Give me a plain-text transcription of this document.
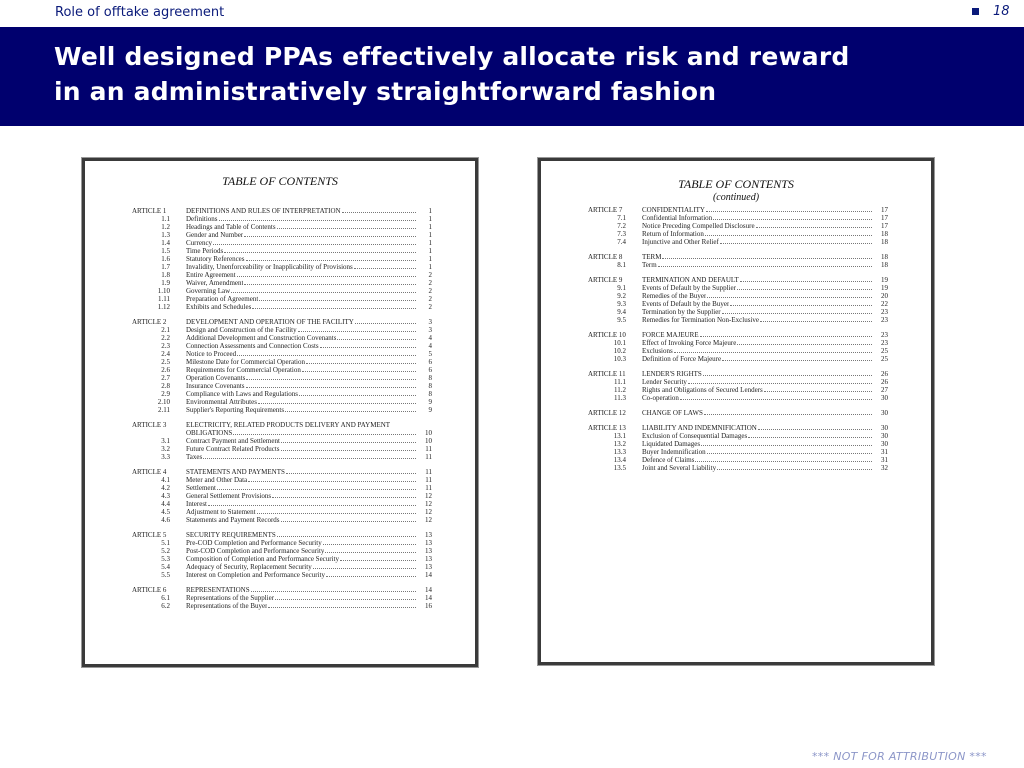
Role of offtake agreement	18
Well designed PPAs effectively allocate risk and reward
in an administratively straightforward fashion
TABLE OF CONTENTS
ARTICLE 1	DEFINITIONS AND RULES OF INTERPRETATION	1
1.1 Definitions	1
1.2 Headings and Table of Contents	1
1.3 Gender and Number	1
1.4 Currency	1
1.5 Time Periods	1
1.6 Statutory References	1
1.7 Invalidity, Unenforceability or Inapplicability of Provisions	1
1.8 Entire Agreement	2
1.9 Waiver, Amendment	2
1.10 Governing Law	2
1.11 Preparation of Agreement	2
1.12 Exhibits and Schedules	2
ARTICLE 2	DEVELOPMENT AND OPERATION OF THE FACILITY	3
2.1 Design and Construction of the Facility	3
2.2 Additional Development and Construction Covenants	4
2.3 Connection Assessments and Connection Costs	4
2.4 Notice to Proceed	5
2.5 Milestone Date for Commercial Operation	6
2.6 Requirements for Commercial Operation	6
2.7 Operation Covenants	8
2.8 Insurance Covenants	8
2.9 Compliance with Laws and Regulations	8
2.10 Environmental Attributes	9
2.11 Supplier's Reporting Requirements	9
ARTICLE 3	ELECTRICITY, RELATED PRODUCTS DELIVERY AND PAYMENT
OBLIGATIONS	10
3.1 Contract Payment and Settlement	10
3.2 Future Contract Related Products	11
3.3 Taxes	11
ARTICLE 4	STATEMENTS AND PAYMENTS	11
4.1 Meter and Other Data	11
4.2 Settlement	11
4.3 General Settlement Provisions	12
4.4 Interest	12
4.5 Adjustment to Statement	12
4.6 Statements and Payment Records	12
ARTICLE 5	SECURITY REQUIREMENTS	13
5.1 Pre-COD Completion and Performance Security	13
5.2 Post-COD Completion and Performance Security	13
5.3 Composition of Completion and Performance Security	13
5.4 Adequacy of Security, Replacement Security	13
5.5 Interest on Completion and Performance Security	14
ARTICLE 6	REPRESENTATIONS	14
6.1 Representations of the Supplier	14
6.2 Representations of the Buyer	16
TABLE OF CONTENTS
(continued)
ARTICLE 7	CONFIDENTIALITY	17
7.1 Confidential Information	17
7.2 Notice Preceding Compelled Disclosure	17
7.3 Return of Information	18
7.4 Injunctive and Other Relief	18
ARTICLE 8	TERM	18
8.1 Term	18
ARTICLE 9	TERMINATION AND DEFAULT	19
9.1 Events of Default by the Supplier	19
9.2 Remedies of the Buyer	20
9.3 Events of Default by the Buyer	22
9.4 Termination by the Supplier	23
9.5 Remedies for Termination Non-Exclusive	23
ARTICLE 10 FORCE MAJEURE	23
10.1 Effect of Invoking Force Majeure	23
10.2 Exclusions	25
10.3 Definition of Force Majeure	25
ARTICLE 11 LENDER'S RIGHTS	26
11.1 Lender Security	26
11.2 Rights and Obligations of Secured Lenders	27
11.3 Co-operation	30
ARTICLE 12 CHANGE OF LAWS	30
ARTICLE 13 LIABILITY AND INDEMNIFICATION	30
13.1 Exclusion of Consequential Damages	30
13.2 Liquidated Damages	30
13.3 Buyer Indemnification	31
13.4 Defence of Claims	31
13.5 Joint and Several Liability	32
*** NOT FOR ATTRIBUTION ***
